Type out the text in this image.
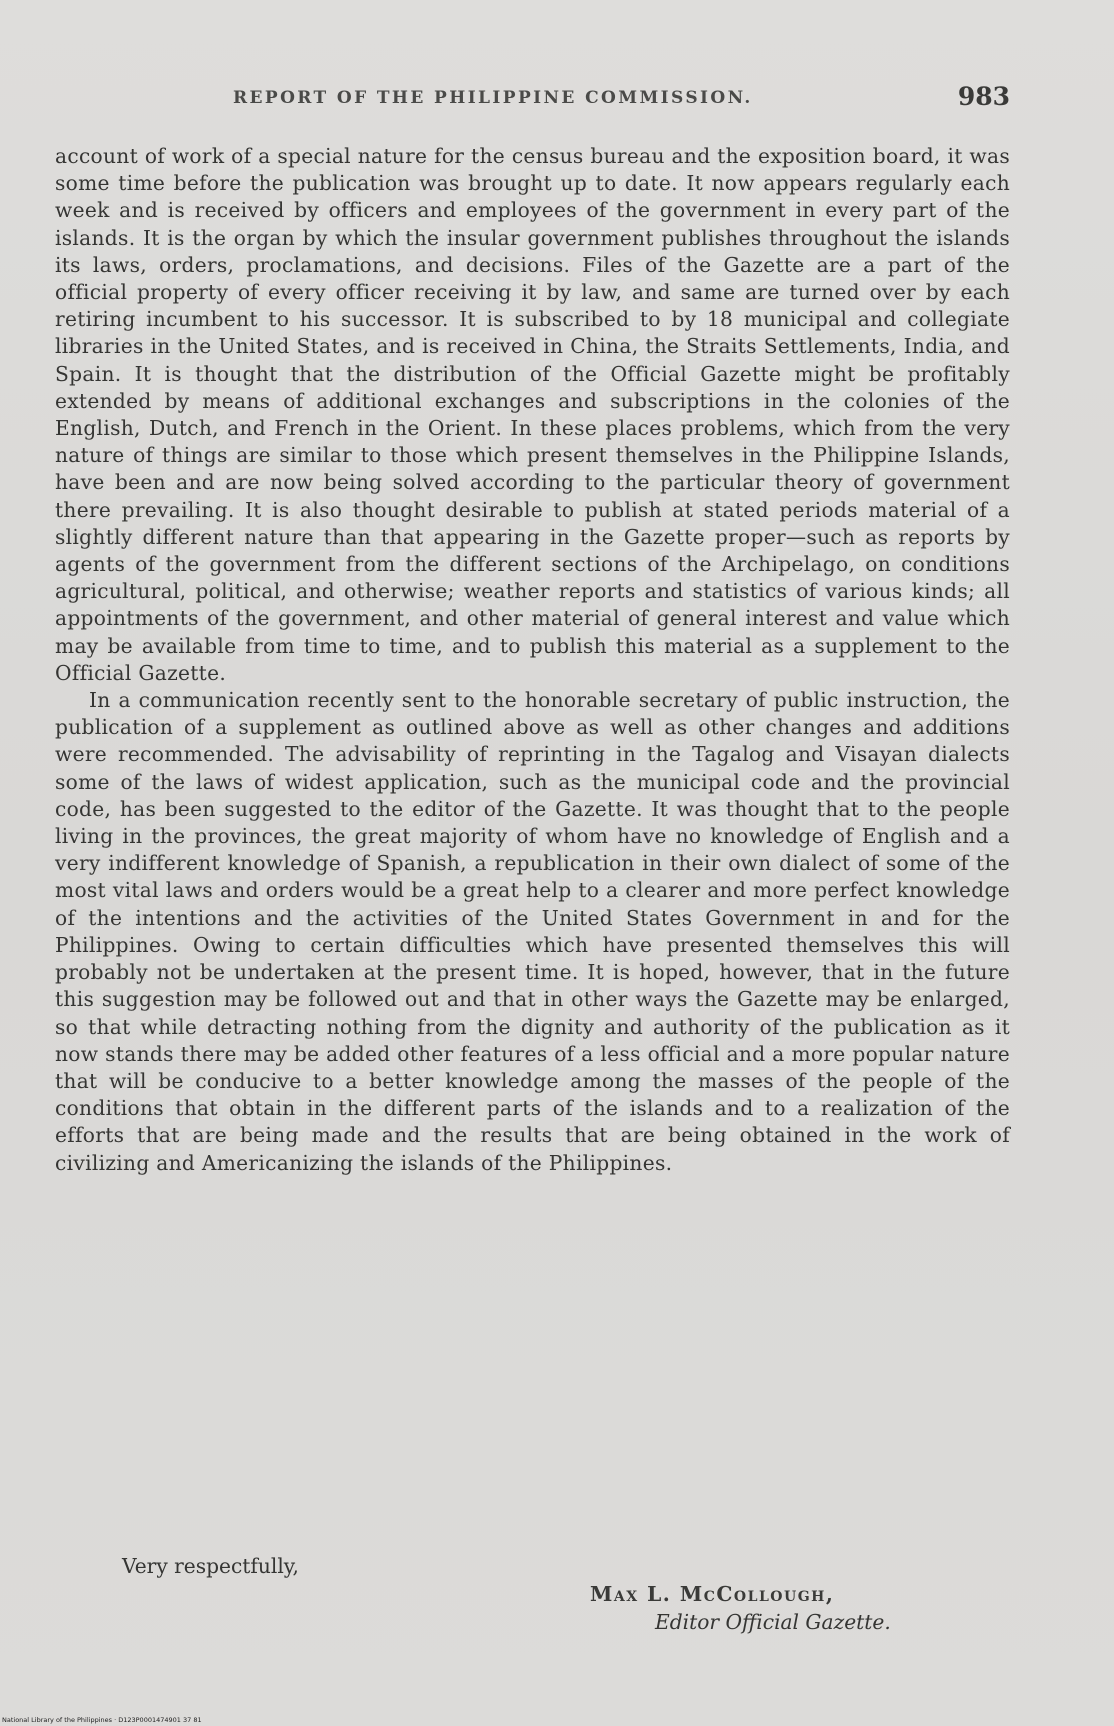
REPORT OF THE PHILIPPINE COMMISSION.	983

account of work of a special nature for the census bureau and the exposition board, it was some time before the publication was brought up to date. It now appears regularly each week and is received by officers and employees of the government in every part of the islands. It is the organ by which the insular government publishes throughout the islands its laws, orders, proclamations, and decisions. Files of the Gazette are a part of the official property of every officer receiving it by law, and same are turned over by each retiring incumbent to his successor. It is subscribed to by 18 municipal and collegiate libraries in the United States, and is received in China, the Straits Settlements, India, and Spain. It is thought that the distribution of the Official Gazette might be profitably extended by means of additional exchanges and subscriptions in the colonies of the English, Dutch, and French in the Orient. In these places problems, which from the very nature of things are similar to those which present themselves in the Philippine Islands, have been and are now being solved according to the particular theory of government there prevailing. It is also thought desirable to publish at stated periods material of a slightly different nature than that appearing in the Gazette proper—such as reports by agents of the government from the different sections of the Archipelago, on conditions agricultural, political, and otherwise; weather reports and statistics of various kinds; all appointments of the government, and other material of general interest and value which may be available from time to time, and to publish this material as a supplement to the Official Gazette.

In a communication recently sent to the honorable secretary of public instruction, the publication of a supplement as outlined above as well as other changes and additions were recommended. The advisability of reprinting in the Tagalog and Visayan dialects some of the laws of widest application, such as the municipal code and the provincial code, has been suggested to the editor of the Gazette. It was thought that to the people living in the provinces, the great majority of whom have no knowledge of English and a very indifferent knowledge of Spanish, a republication in their own dialect of some of the most vital laws and orders would be a great help to a clearer and more perfect knowledge of the intentions and the activities of the United States Government in and for the Philippines. Owing to certain difficulties which have presented themselves this will probably not be undertaken at the present time. It is hoped, however, that in the future this suggestion may be followed out and that in other ways the Gazette may be enlarged, so that while detracting nothing from the dignity and authority of the publication as it now stands there may be added other features of a less official and a more popular nature that will be conducive to a better knowledge among the masses of the people of the conditions that obtain in the different parts of the islands and to a realization of the efforts that are being made and the results that are being obtained in the work of civilizing and Americanizing the islands of the Philippines.

Very respectfully,
Max L. McCollough,
Editor Official Gazette.
National Library of the Philippines · D123P0001474901 37 81
